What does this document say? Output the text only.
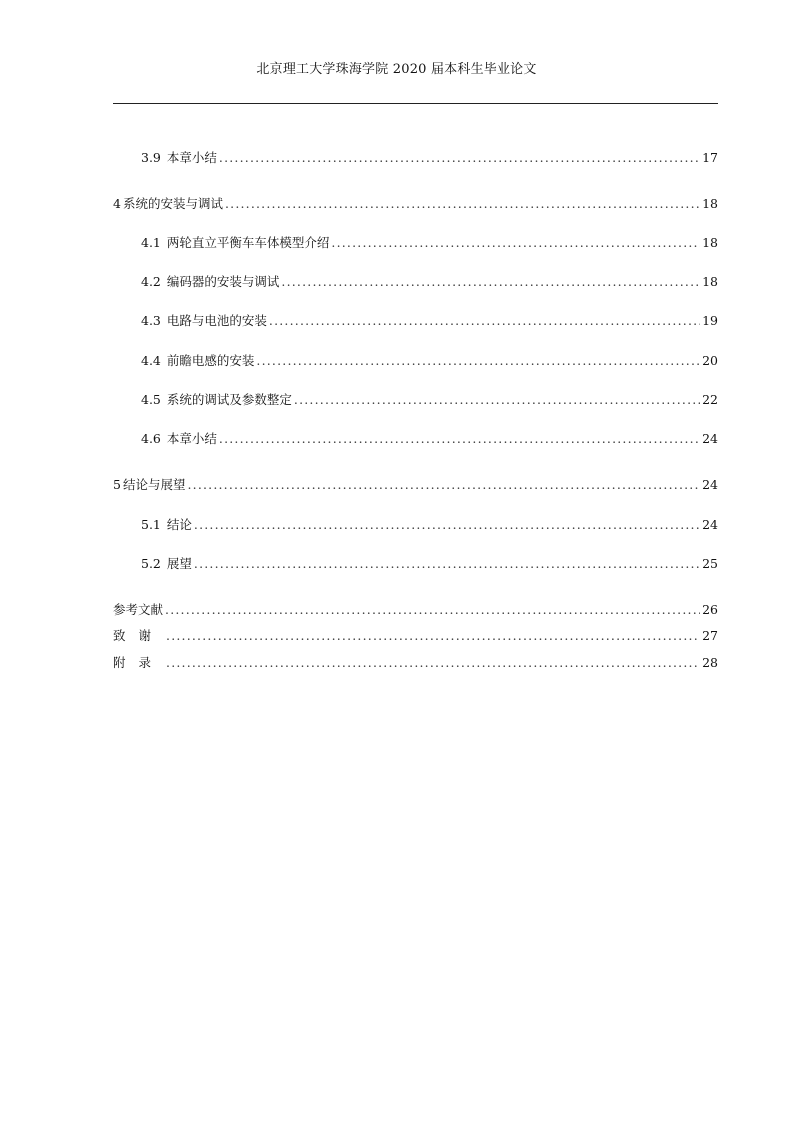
北京理工大学珠海学院 2020 届本科生毕业论文
3.9 本章小结 .....	17
4 系统的安装与调试 .....	18
4.1 两轮直立平衡车车体模型介绍 .....	18
4.2 编码器的安装与调试 .....	18
4.3 电路与电池的安装 .....	19
4.4 前瞻电感的安装 .....	20
4.5 系统的调试及参数整定 .....	22
4.6 本章小结 .....	24
5 结论与展望 .....	24
5.1 结论 .....	24
5.2 展望 .....	25
参考文献 .....	26
致谢 .....	27
附录 .....	28
